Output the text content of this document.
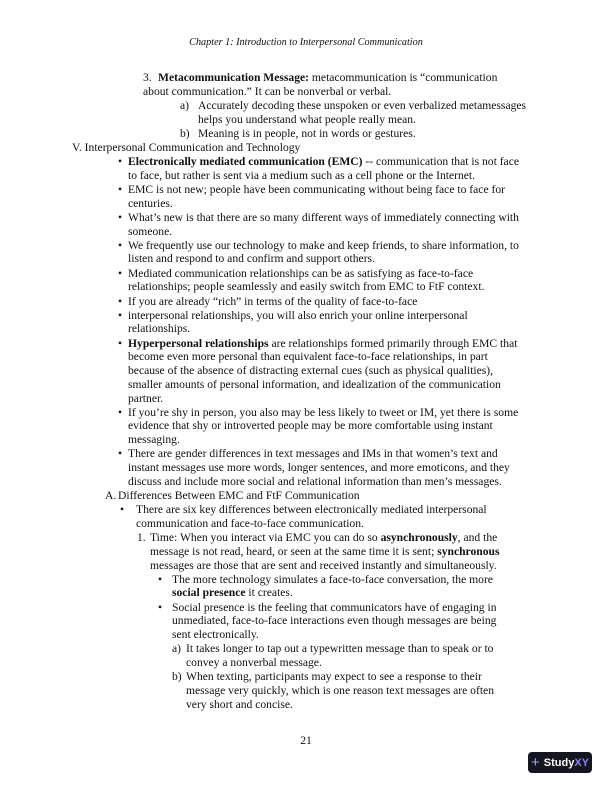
Chapter 1: Introduction to Interpersonal Communication
3. Metacommunication Message: metacommunication is “communication
about communication.” It can be nonverbal or verbal.
a) Accurately decoding these unspoken or even verbalized metamessages
helps you understand what people really mean.
b) Meaning is in people, not in words or gestures.
V. Interpersonal Communication and Technology
• Electronically mediated communication (EMC) -- communication that is not face
to face, but rather is sent via a medium such as a cell phone or the Internet.
• EMC is not new; people have been communicating without being face to face for
centuries.
• What’s new is that there are so many different ways of immediately connecting with
someone.
• We frequently use our technology to make and keep friends, to share information, to
listen and respond to and confirm and support others.
• Mediated communication relationships can be as satisfying as face-to-face
relationships; people seamlessly and easily switch from EMC to FtF context.
• If you are already “rich” in terms of the quality of face-to-face
• interpersonal relationships, you will also enrich your online interpersonal
relationships.
• Hyperpersonal relationships are relationships formed primarily through EMC that
become even more personal than equivalent face-to-face relationships, in part
because of the absence of distracting external cues (such as physical qualities),
smaller amounts of personal information, and idealization of the communication
partner.
• If you’re shy in person, you also may be less likely to tweet or IM, yet there is some
evidence that shy or introverted people may be more comfortable using instant
messaging.
• There are gender differences in text messages and IMs in that women’s text and
instant messages use more words, longer sentences, and more emoticons, and they
discuss and include more social and relational information than men’s messages.
A. Differences Between EMC and FtF Communication
•	There are six key differences between electronically mediated interpersonal
communication and face-to-face communication.
1. Time: When you interact via EMC you can do so asynchronously, and the
message is not read, heard, or seen at the same time it is sent; synchronous
messages are those that are sent and received instantly and simultaneously.
• The more technology simulates a face-to-face conversation, the more
social presence it creates.
• Social presence is the feeling that communicators have of engaging in
unmediated, face-to-face interactions even though messages are being
sent electronically.
a) It takes longer to tap out a typewritten message than to speak or to
convey a nonverbal message.
b) When texting, participants may expect to see a response to their
message very quickly, which is one reason text messages are often
very short and concise.
21
+ Study XY
